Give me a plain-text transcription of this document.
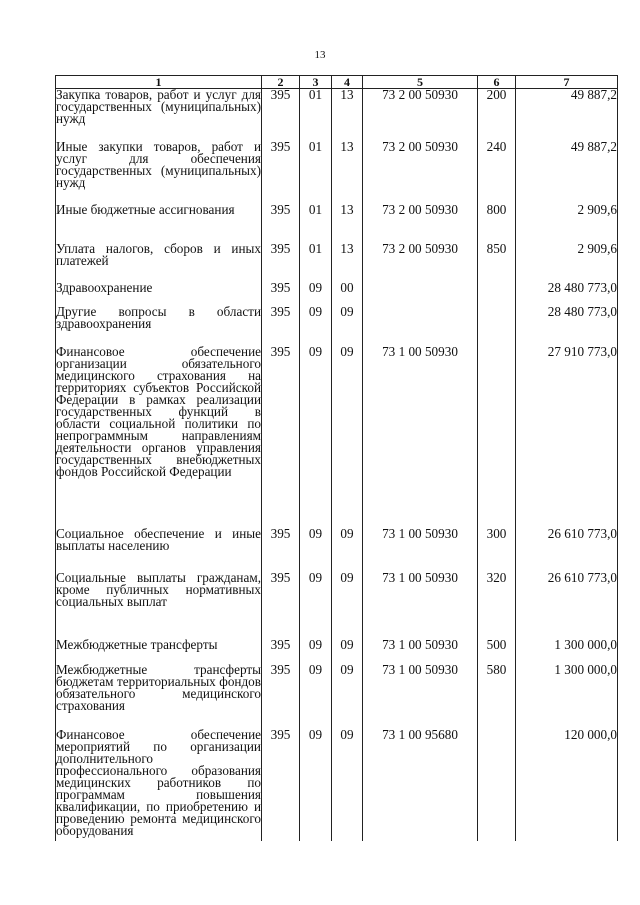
13
1	2	3	4	5	6	7
Закупка товаров, работ и услуг для государственных (муниципальных) нужд	395	01	13	73 2 00 50930	200	49 887,2
Иные закупки товаров, работ и услуг для обеспечения государственных (муниципальных) нужд	395	01	13	73 2 00 50930	240	49 887,2
Иные бюджетные ассигнования	395	01	13	73 2 00 50930	800	2 909,6
Уплата налогов, сборов и иных платежей	395	01	13	73 2 00 50930	850	2 909,6
Здравоохранение	395	09	00			28 480 773,0
Другие вопросы в области здравоохранения	395	09	09			28 480 773,0
Финансовое обеспечение организации обязательного медицинского страхования на территориях субъектов Российской Федерации в рамках реализации государственных функций в области социальной политики по непрограммным направлениям деятельности органов управления государственных внебюджетных фондов Российской Федерации	395	09	09	73 1 00 50930		27 910 773,0
Социальное обеспечение и иные выплаты населению	395	09	09	73 1 00 50930	300	26 610 773,0
Социальные выплаты гражданам, кроме публичных нормативных социальных выплат	395	09	09	73 1 00 50930	320	26 610 773,0
Межбюджетные трансферты	395	09	09	73 1 00 50930	500	1 300 000,0
Межбюджетные трансферты бюджетам территориальных фондов обязательного медицинского страхования	395	09	09	73 1 00 50930	580	1 300 000,0
Финансовое обеспечение мероприятий по организации дополнительного профессионального образования медицинских работников по программам повышения квалификации, по приобретению и проведению ремонта медицинского оборудования	395	09	09	73 1 00 95680		120 000,0
